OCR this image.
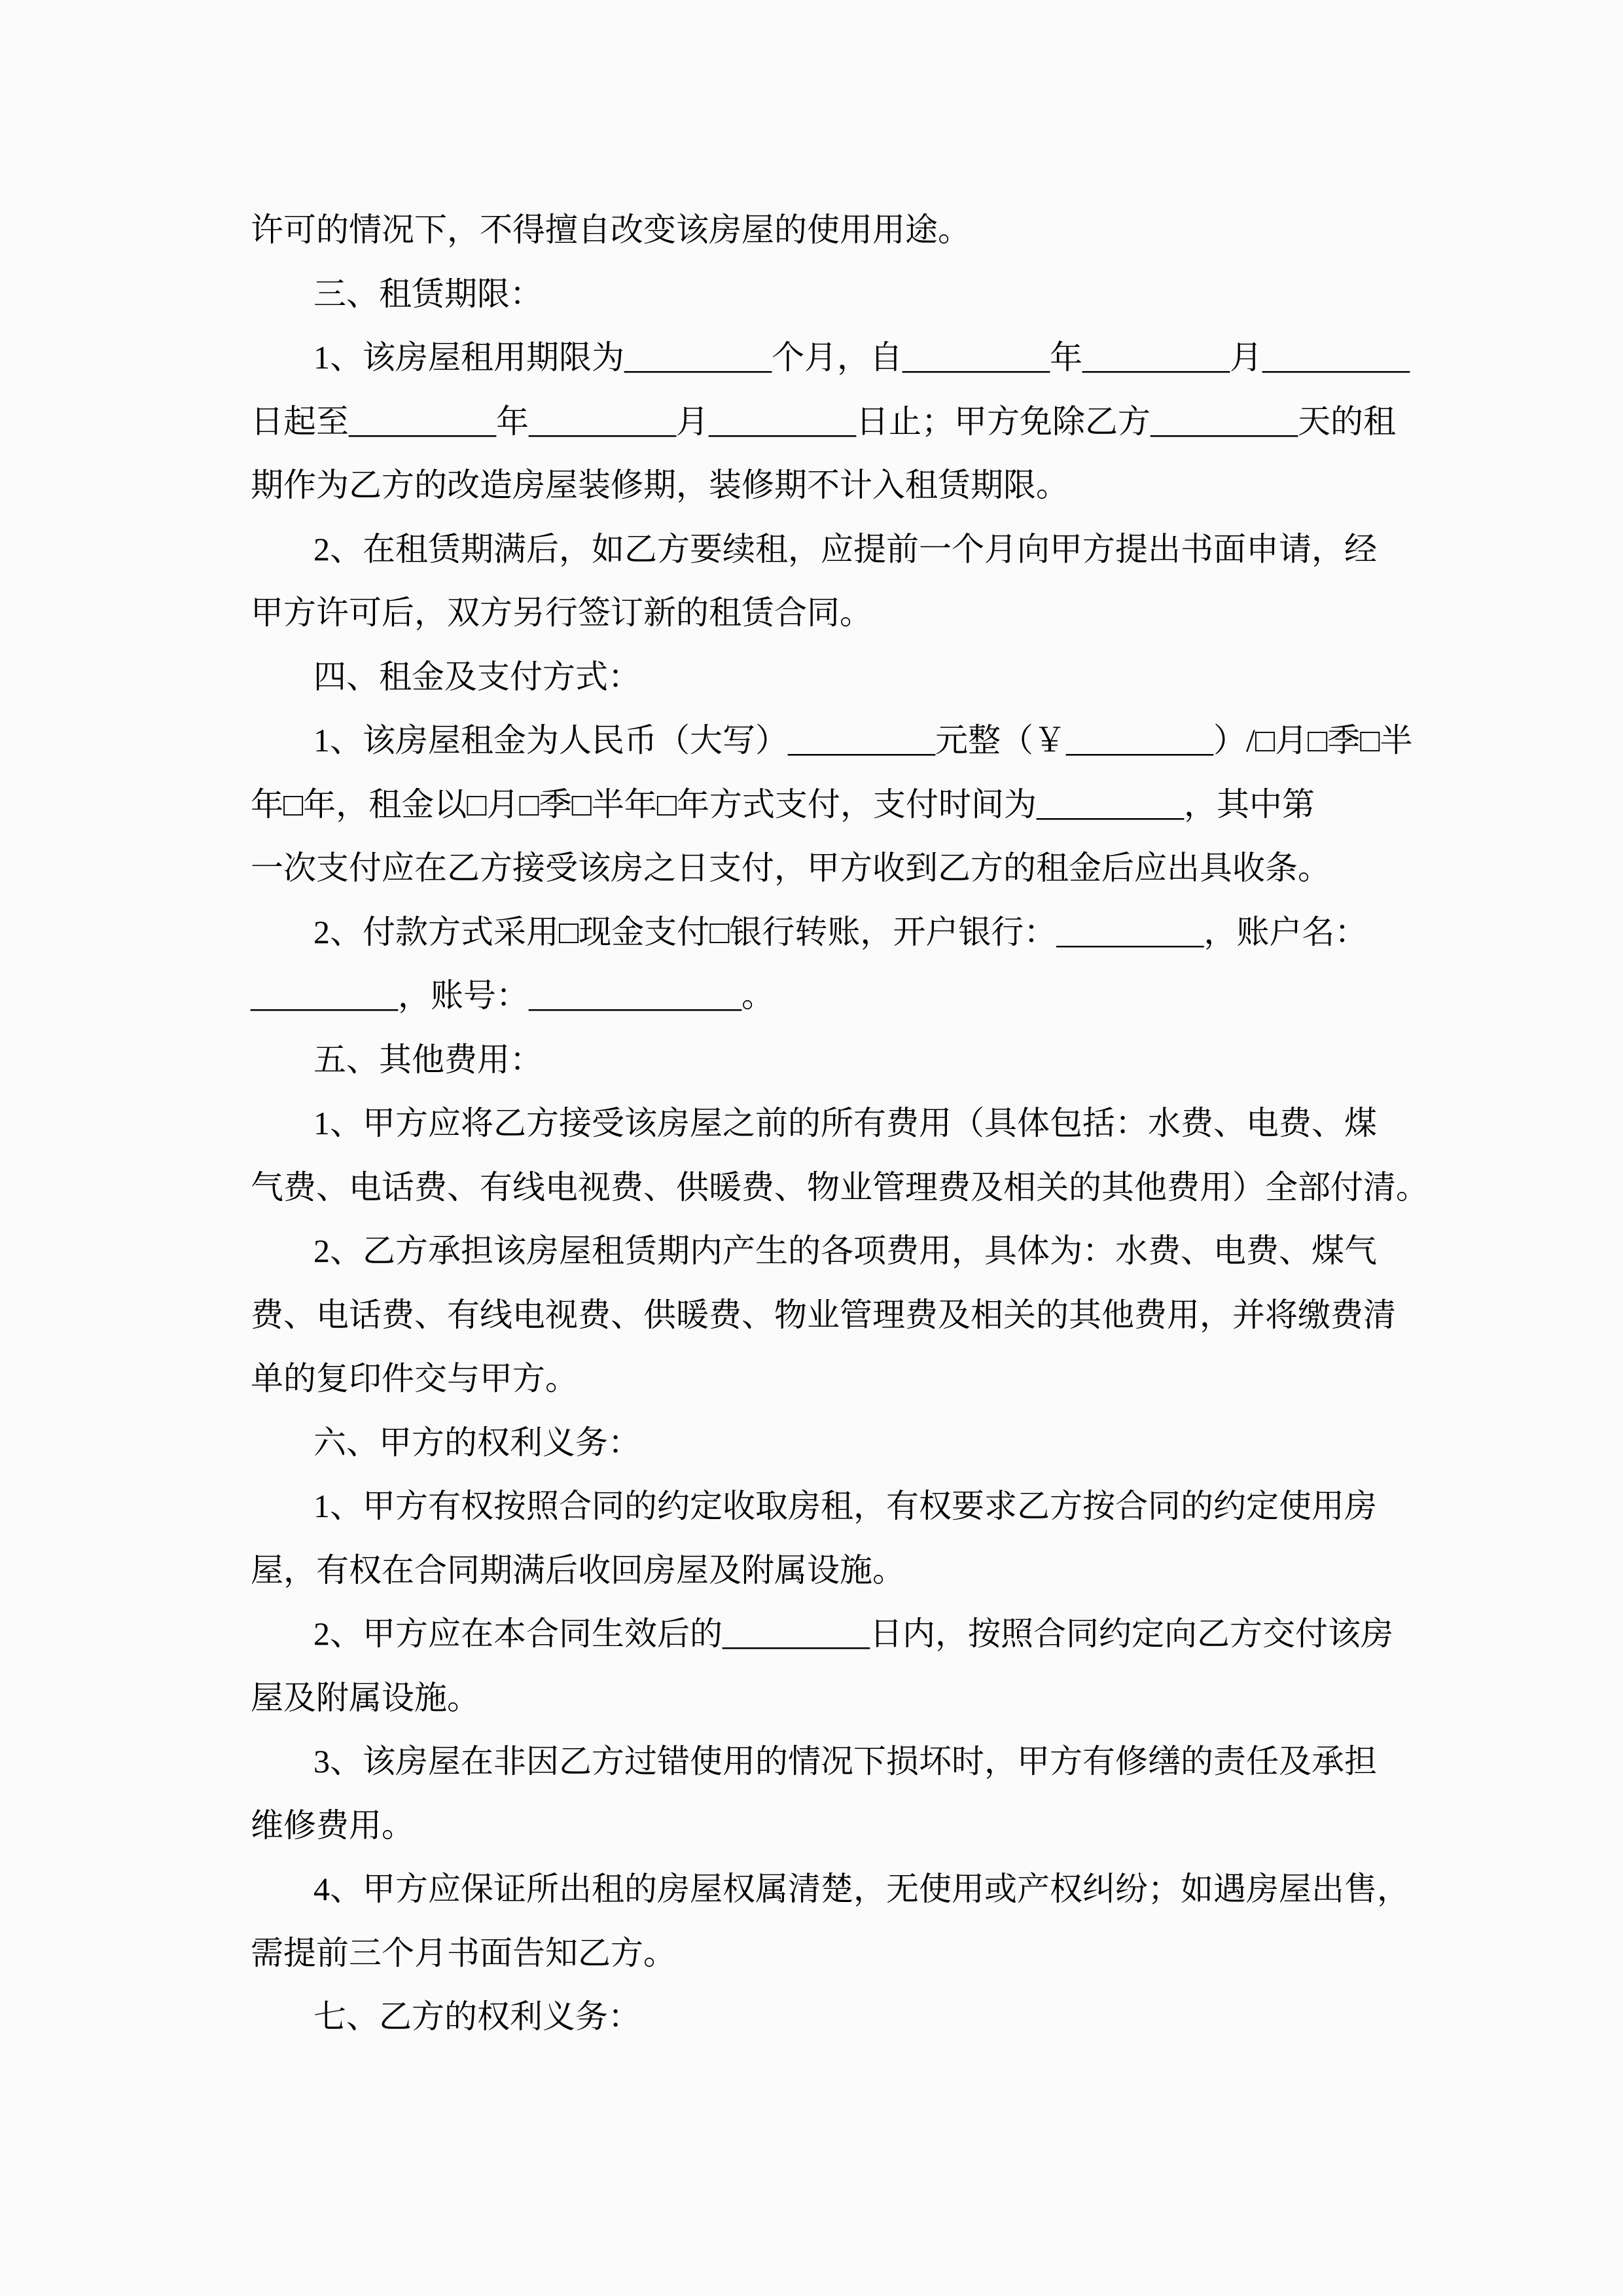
许可的情况下，不得擅自改变该房屋的使用用途。

三、租赁期限：

1、该房屋租用期限为_________个月，自_________年_________月_________

日起至_________年_________月_________日止；甲方免除乙方_________天的租

期作为乙方的改造房屋装修期，装修期不计入租赁期限。

2、在租赁期满后，如乙方要续租，应提前一个月向甲方提出书面申请，经

甲方许可后，双方另行签订新的租赁合同。

四、租金及支付方式：

1、该房屋租金为人民币（大写）_________元整（￥_________）/□月□季□半

年□年，租金以□月□季□半年□年方式支付，支付时间为_________，其中第

一次支付应在乙方接受该房之日支付，甲方收到乙方的租金后应出具收条。

2、付款方式采用□现金支付□银行转账，开户银行：_________，账户名：

_________，账号：_____________。

五、其他费用：

1、甲方应将乙方接受该房屋之前的所有费用（具体包括：水费、电费、煤

气费、电话费、有线电视费、供暖费、物业管理费及相关的其他费用）全部付清。

2、乙方承担该房屋租赁期内产生的各项费用，具体为：水费、电费、煤气

费、电话费、有线电视费、供暖费、物业管理费及相关的其他费用，并将缴费清

单的复印件交与甲方。

六、甲方的权利义务：

1、甲方有权按照合同的约定收取房租，有权要求乙方按合同的约定使用房

屋，有权在合同期满后收回房屋及附属设施。

2、甲方应在本合同生效后的_________日内，按照合同约定向乙方交付该房

屋及附属设施。

3、该房屋在非因乙方过错使用的情况下损坏时，甲方有修缮的责任及承担

维修费用。

4、甲方应保证所出租的房屋权属清楚，无使用或产权纠纷；如遇房屋出售，

需提前三个月书面告知乙方。

七、乙方的权利义务：
